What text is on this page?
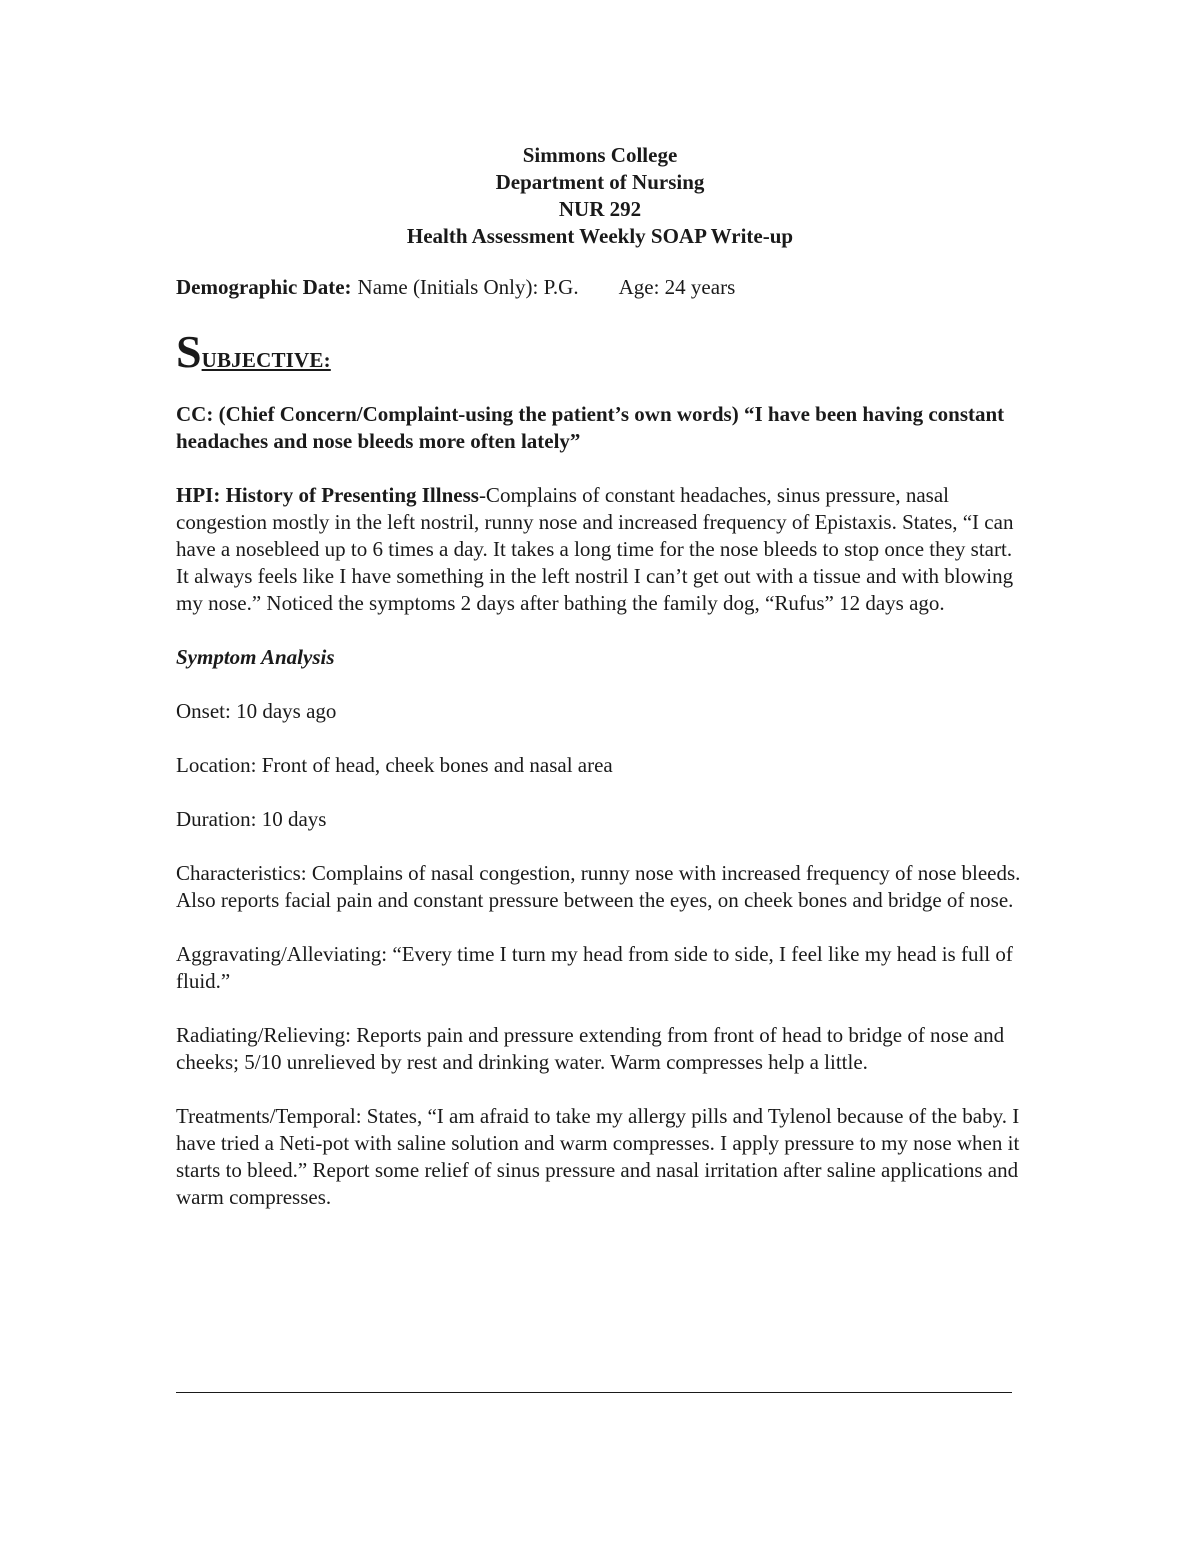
Simmons College
Department of Nursing
NUR 292
Health Assessment Weekly SOAP Write-up
Demographic Date: Name (Initials Only): P.G. Age: 24 years
SUBJECTIVE:
CC: (Chief Concern/Complaint-using the patient’s own words) “I have been having constant headaches and nose bleeds more often lately”
HPI: History of Presenting Illness-Complains of constant headaches, sinus pressure, nasal congestion mostly in the left nostril, runny nose and increased frequency of Epistaxis. States, “I can have a nosebleed up to 6 times a day. It takes a long time for the nose bleeds to stop once they start. It always feels like I have something in the left nostril I can’t get out with a tissue and with blowing my nose.” Noticed the symptoms 2 days after bathing the family dog, “Rufus” 12 days ago.
Symptom Analysis
Onset: 10 days ago
Location: Front of head, cheek bones and nasal area
Duration: 10 days
Characteristics: Complains of nasal congestion, runny nose with increased frequency of nose bleeds. Also reports facial pain and constant pressure between the eyes, on cheek bones and bridge of nose.
Aggravating/Alleviating: “Every time I turn my head from side to side, I feel like my head is full of fluid.”
Radiating/Relieving: Reports pain and pressure extending from front of head to bridge of nose and cheeks; 5/10 unrelieved by rest and drinking water. Warm compresses help a little.
Treatments/Temporal: States, “I am afraid to take my allergy pills and Tylenol because of the baby. I have tried a Neti-pot with saline solution and warm compresses. I apply pressure to my nose when it starts to bleed.” Report some relief of sinus pressure and nasal irritation after saline applications and warm compresses.
